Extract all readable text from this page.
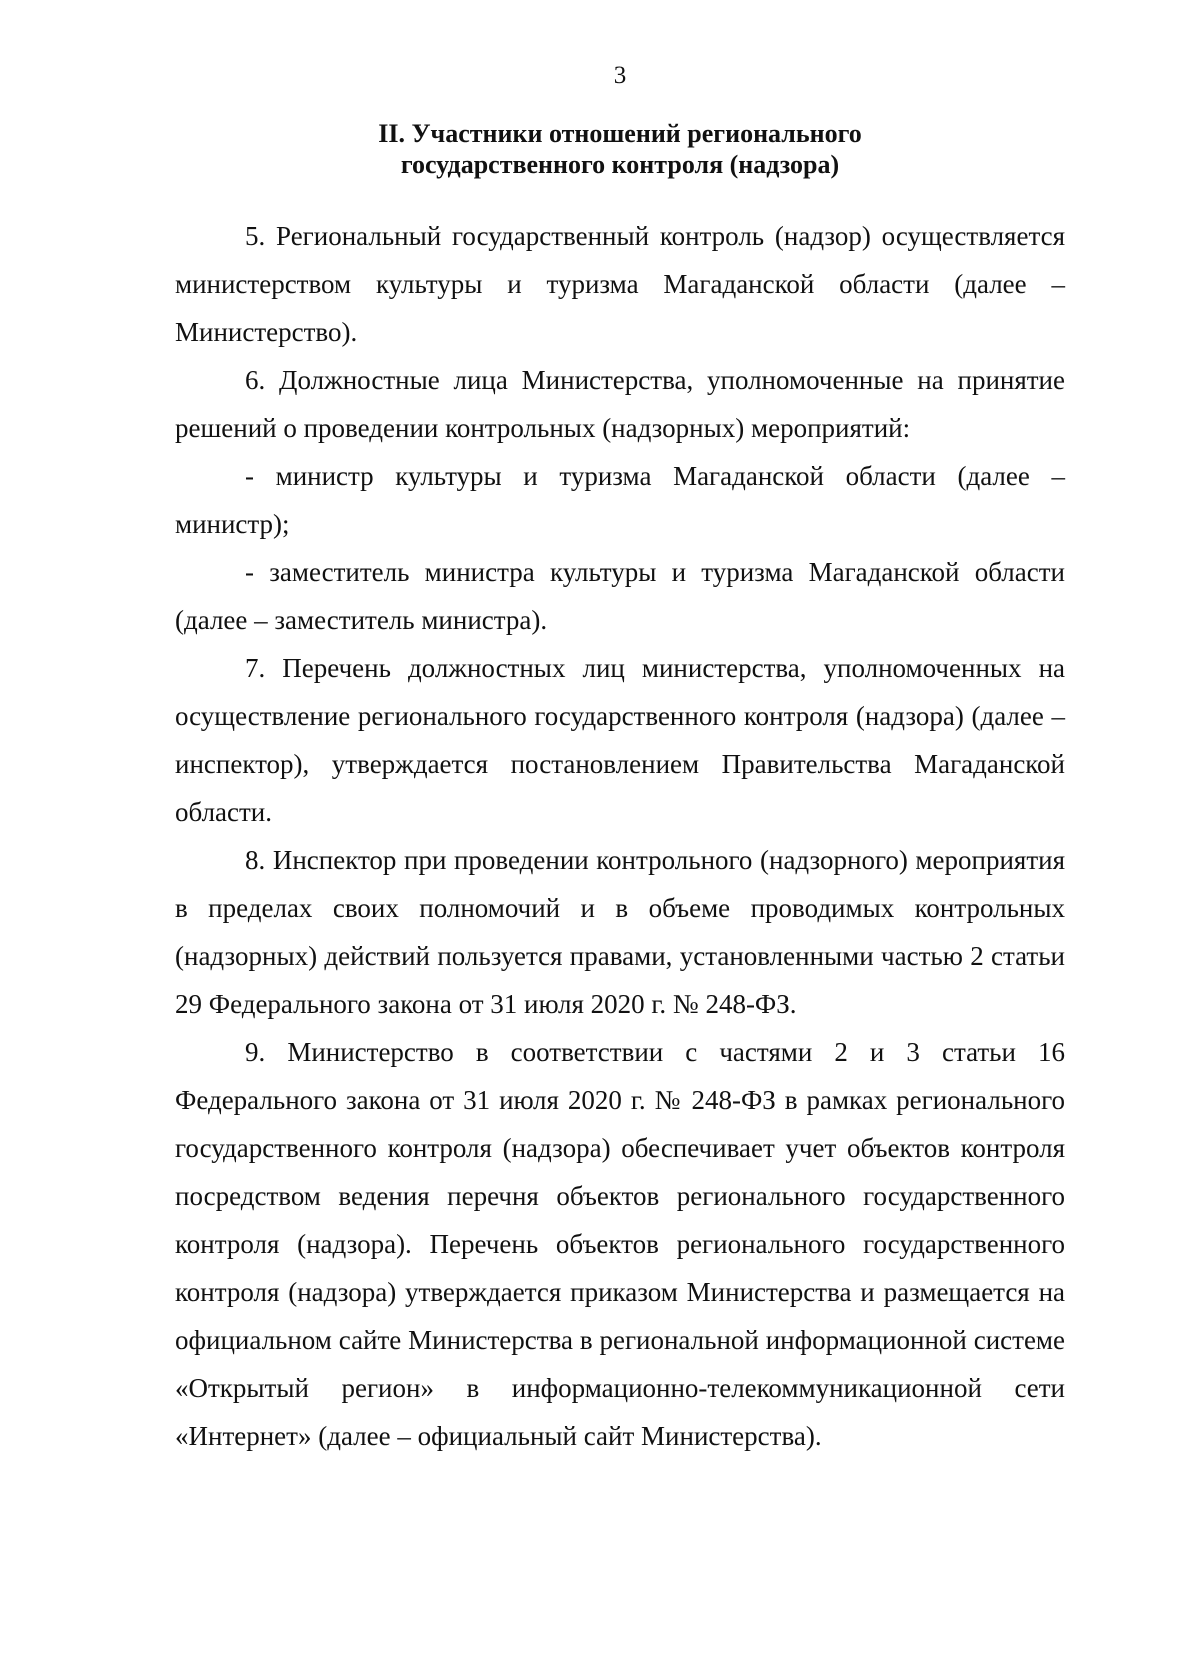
3
II. Участники отношений регионального
государственного контроля (надзора)

5. Региональный государственный контроль (надзор) осуществляется министерством культуры и туризма Магаданской области (далее – Министерство).

6. Должностные лица Министерства, уполномоченные на принятие решений о проведении контрольных (надзорных) мероприятий:

- министр культуры и туризма Магаданской области (далее – министр);

- заместитель министра культуры и туризма Магаданской области (далее – заместитель министра).

7. Перечень должностных лиц министерства, уполномоченных на осуществление регионального государственного контроля (надзора) (далее – инспектор), утверждается постановлением Правительства Магаданской области.

8. Инспектор при проведении контрольного (надзорного) мероприятия в пределах своих полномочий и в объеме проводимых контрольных (надзорных) действий пользуется правами, установленными частью 2 статьи 29 Федерального закона от 31 июля 2020 г. № 248-ФЗ.

9. Министерство в соответствии с частями 2 и 3 статьи 16 Федерального закона от 31 июля 2020 г. № 248-ФЗ в рамках регионального государственного контроля (надзора) обеспечивает учет объектов контроля посредством ведения перечня объектов регионального государственного контроля (надзора). Перечень объектов регионального государственного контроля (надзора) утверждается приказом Министерства и размещается на официальном сайте Министерства в региональной информационной системе «Открытый регион» в информационно-телекоммуникационной сети «Интернет» (далее – официальный сайт Министерства).
